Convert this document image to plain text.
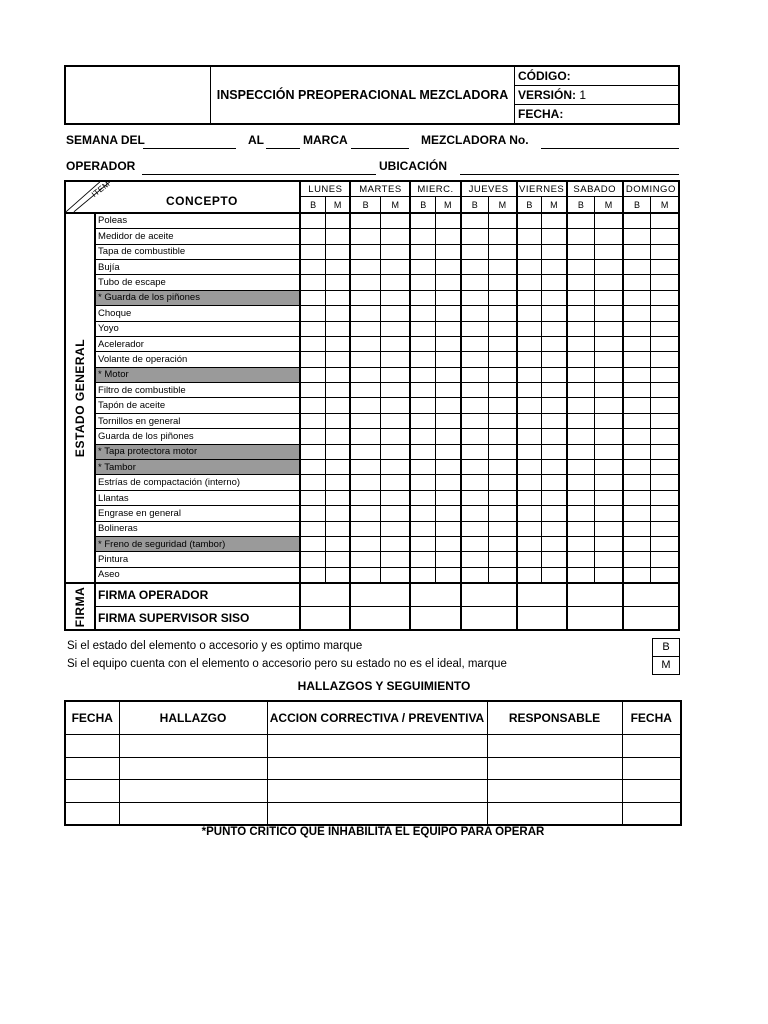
	INSPECCIÓN PREOPERACIONAL MEZCLADORA	CÓDIGO:
VERSIÓN: 1
FECHA:
SEMANA DEL	AL	MARCA	MEZCLADORA No.
OPERADOR	UBICACIÓN
ITEM
CONCEPTO		LUNES		MARTES		MIERC.		JUEVES		VIERNES		SABADO		DOMINGO	
		B	M	B	M	B	M	B	M	B	M	B	M	B	M

ESTADO GENERAL	Poleas														
	Medidor de aceite														
	Tapa de combustible														
	Bujía														
	Tubo de escape														
	* Guarda de los piñones														
	Choque														
	Yoyo														
	Acelerador														
	Volante de operación														
	* Motor														
	Filtro de combustible														
	Tapón de aceite														
	Tornillos en general														
	Guarda de los piñones														
	* Tapa protectora motor														
	* Tambor														
	Estrías de compactación (interno)														
	Llantas														
	Engrase en general														
	Bolineras														
	* Freno de seguridad (tambor)														
	Pintura														
	Aseo														

FIRMA	FIRMA OPERADOR														
	FIRMA SUPERVISOR SISO														
Si el estado del elemento o accesorio y es optimo marque	B
Si el equipo cuenta con el elemento o accesorio pero su estado no es el ideal, marque	M
HALLAZGOS Y SEGUIMIENTO
FECHA	HALLAZGO	ACCION CORRECTIVA / PREVENTIVA	RESPONSABLE	FECHA

*PUNTO CRITICO QUE INHABILITA EL EQUIPO PARA OPERAR
